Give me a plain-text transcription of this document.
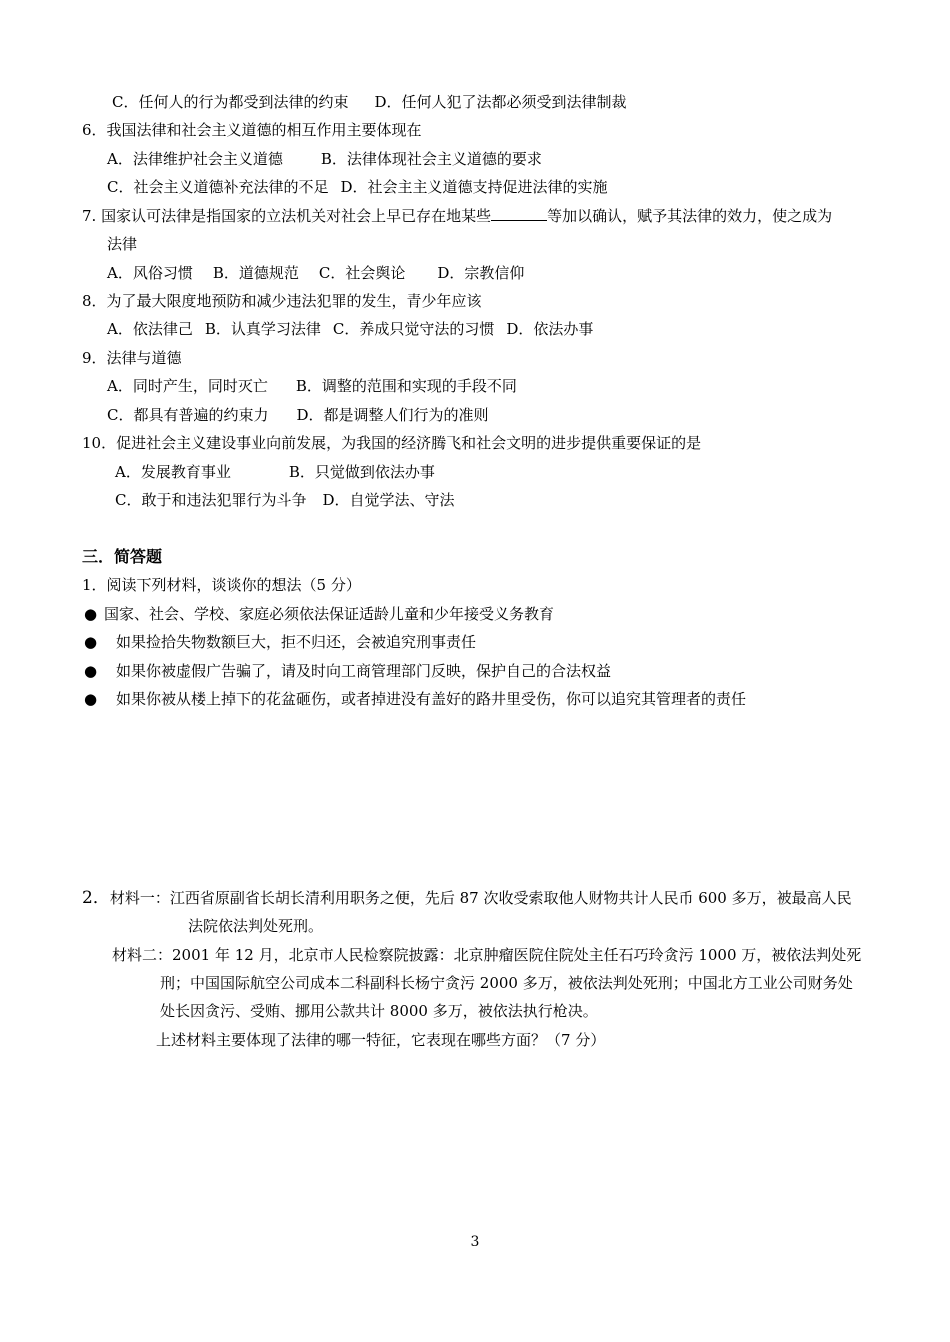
C．任何人的行为都受到法律的约束 D．任何人犯了法都必须受到法律制裁
6．我国法律和社会主义道德的相互作用主要体现在
A．法律维护社会主义道德	B．法律体现社会主义道德的要求
C．社会主义道德补充法律的不足 D．社会主主义道德支持促进法律的实施
7. 国家认可法律是指国家的立法机关对社会上早已存在地某些	等加以确认，赋予其法律的效力，使之成为
法律
A．风俗习惯 B．道德规范 C．社会舆论 D．宗教信仰
8．为了最大限度地预防和减少违法犯罪的发生，青少年应该
A．依法律己 B．认真学习法律 C．养成只觉守法的习惯 D．依法办事
9．法律与道德
A．同时产生，同时灭亡 B．调整的范围和实现的手段不同
C．都具有普遍的约束力 D．都是调整人们行为的准则
10．促进社会主义建设事业向前发展，为我国的经济腾飞和社会文明的进步提供重要保证的是
A．发展教育事业	B．只觉做到依法办事
C．敢于和违法犯罪行为斗争 D．自觉学法、守法
三．简答题
1．阅读下列材料，谈谈你的想法（5 分）
● 国家、社会、学校、家庭必须依法保证适龄儿童和少年接受义务教育
● 如果捡拾失物数额巨大，拒不归还，会被追究刑事责任
● 如果你被虚假广告骗了，请及时向工商管理部门反映，保护自己的合法权益
● 如果你被从楼上掉下的花盆砸伤，或者掉进没有盖好的路井里受伤，你可以追究其管理者的责任
2．材料一：江西省原副省长胡长清利用职务之便，先后 87 次收受索取他人财物共计人民币 600 多万，被最高人民
法院依法判处死刑。
材料二：2001 年 12 月，北京市人民检察院披露：北京肿瘤医院住院处主任石巧玲贪污 1000 万，被依法判处死
刑；中国国际航空公司成本二科副科长杨宁贪污 2000 多万，被依法判处死刑；中国北方工业公司财务处
处长因贪污、受贿、挪用公款共计 8000 多万，被依法执行枪决。
上述材料主要体现了法律的哪一特征，它表现在哪些方面？（7 分）
3
